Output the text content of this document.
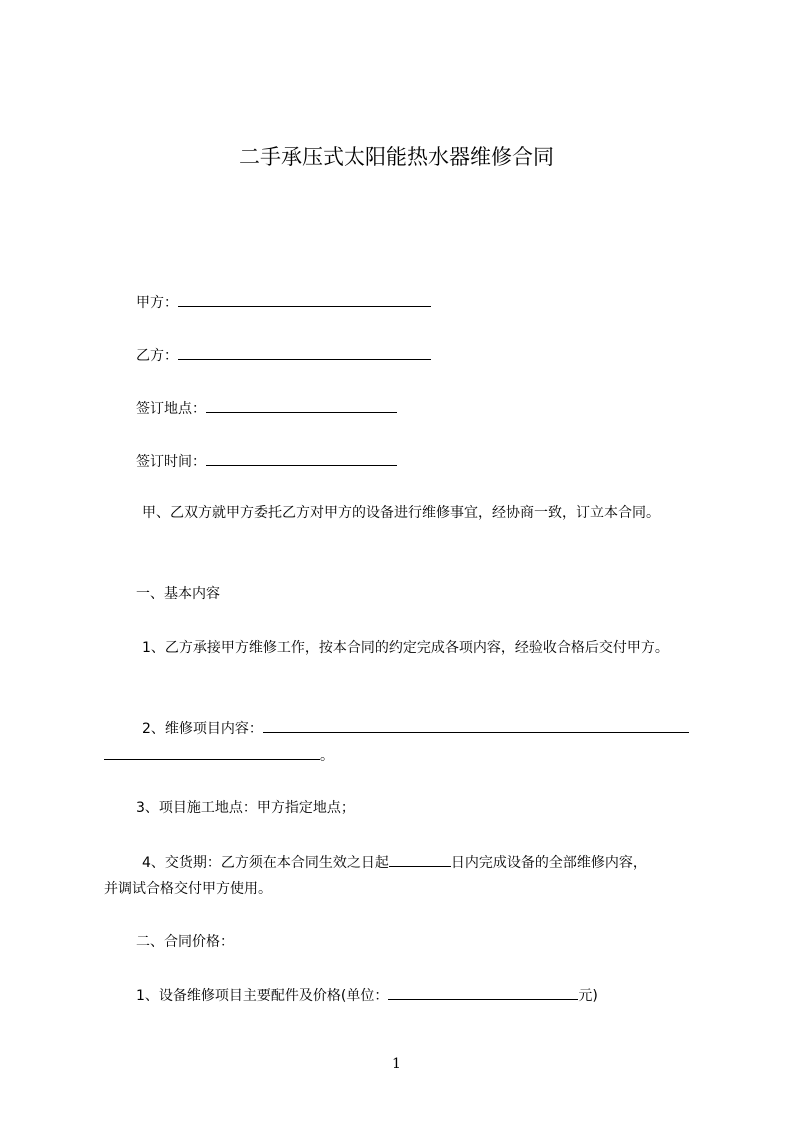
二手承压式太阳能热水器维修合同

甲方：

乙方：

签订地点：

签订时间：

甲、乙双方就甲方委托乙方对甲方的设备进行维修事宜，经协商一致，订立本合同。

一、基本内容

1、乙方承接甲方维修工作，按本合同的约定完成各项内容，经验收合格后交付甲方。

2、维修项目内容：

。

3、项目施工地点：甲方指定地点；

4、交货期：乙方须在本合同生效之日起	日内完成设备的全部维修内容，

并调试合格交付甲方使用。

二、合同价格：

1、设备维修项目主要配件及价格(单位：	元)

1
